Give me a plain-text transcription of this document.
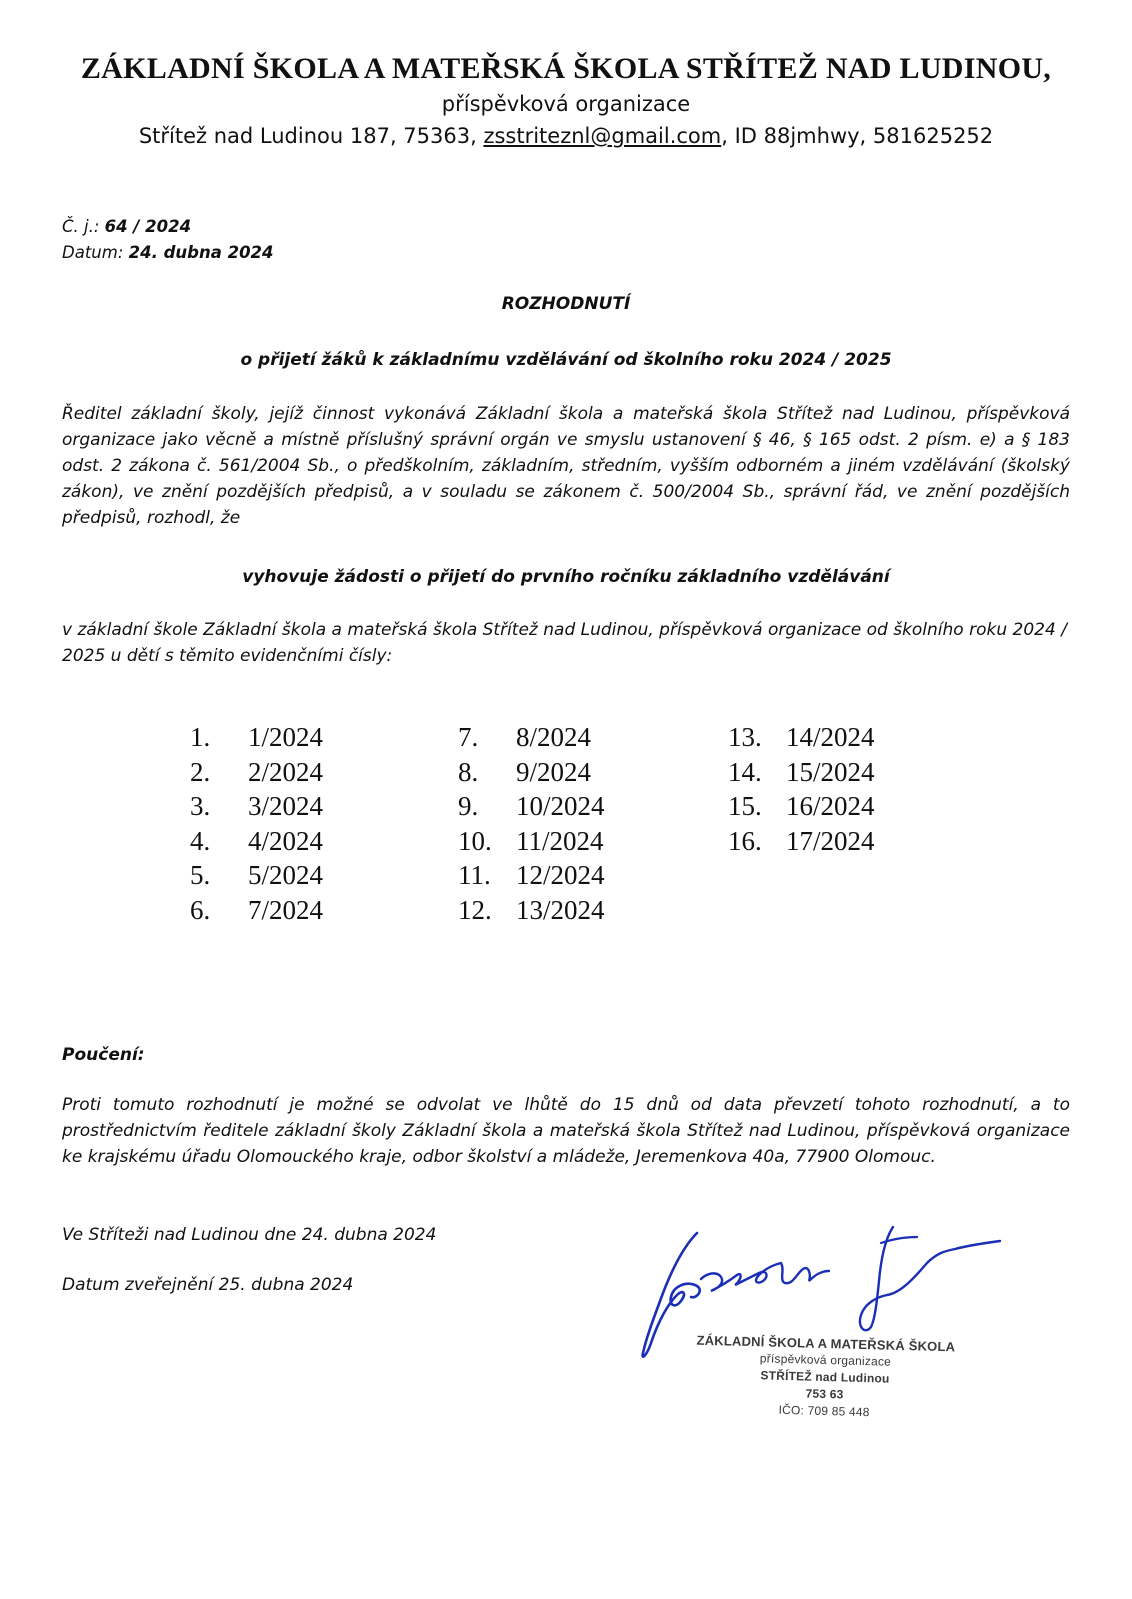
ZÁKLADNÍ ŠKOLA A MATEŘSKÁ ŠKOLA STŘÍTEŽ NAD LUDINOU,
příspěvková organizace
Střítež nad Ludinou 187, 75363, zsstriteznl@gmail.com, ID 88jmhwy, 581625252
Č. j.: 64 / 2024
Datum: 24. dubna 2024
ROZHODNUTÍ
o přijetí žáků k základnímu vzdělávání od školního roku 2024 / 2025
Ředitel základní školy, jejíž činnost vykonává Základní škola a mateřská škola Střítež nad Ludinou, příspěvková organizace jako věcně a místně příslušný správní orgán ve smyslu ustanovení § 46, § 165 odst. 2 písm. e) a § 183 odst. 2 zákona č. 561/2004 Sb., o předškolním, základním, středním, vyšším odborném a jiném vzdělávání (školský zákon), ve znění pozdějších předpisů, a v souladu se zákonem č. 500/2004 Sb., správní řád, ve znění pozdějších předpisů, rozhodl, že
vyhovuje žádosti o přijetí do prvního ročníku základního vzdělávání
v základní škole Základní škola a mateřská škola Střítež nad Ludinou, příspěvková organizace od školního roku 2024 / 2025 u dětí s těmito evidenčními čísly:
1. 1/2024
2. 2/2024
3. 3/2024
4. 4/2024
5. 5/2024
6. 7/2024
7. 8/2024
8. 9/2024
9. 10/2024
10. 11/2024
11. 12/2024
12. 13/2024
13. 14/2024
14. 15/2024
15. 16/2024
16. 17/2024
Poučení:
Proti tomuto rozhodnutí je možné se odvolat ve lhůtě do 15 dnů od data převzetí tohoto rozhodnutí, a to prostřednictvím ředitele základní školy Základní škola a mateřská škola Střítež nad Ludinou, příspěvková organizace ke krajskému úřadu Olomouckého kraje, odbor školství a mládeže, Jeremenkova 40a, 77900 Olomouc.
Ve Stříteži nad Ludinou dne 24. dubna 2024
Datum zveřejnění 25. dubna 2024
ZÁKLADNÍ ŠKOLA A MATEŘSKÁ ŠKOLA
příspěvková organizace
STŘÍTEŽ nad Ludinou
753 63
IČO: 709 85 448
